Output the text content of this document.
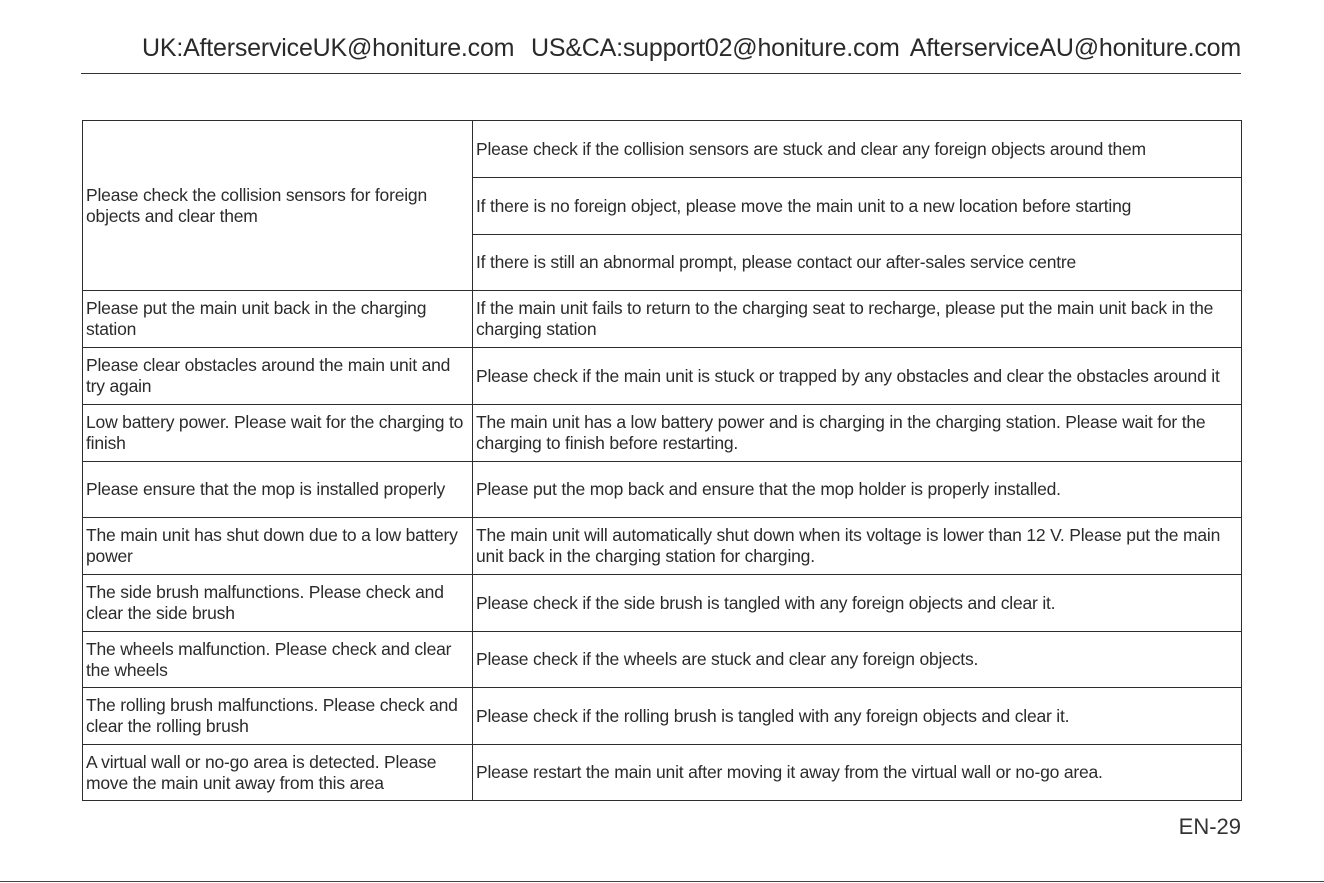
UK:AfterserviceUK@honiture.com US&CA:support02@honiture.com AfterserviceAU@honiture.com
Please check the collision sensors for foreign objects and clear them	Please check if the collision sensors are stuck and clear any foreign objects around them
	If there is no foreign object, please move the main unit to a new location before starting
	If there is still an abnormal prompt, please contact our after-sales service centre
Please put the main unit back in the charging station	If the main unit fails to return to the charging seat to recharge, please put the main unit back in the charging station
Please clear obstacles around the main unit and try again	Please check if the main unit is stuck or trapped by any obstacles and clear the obstacles around it
Low battery power. Please wait for the charging to finish	The main unit has a low battery power and is charging in the charging station. Please wait for the charging to finish before restarting.
Please ensure that the mop is installed properly	Please put the mop back and ensure that the mop holder is properly installed.
The main unit has shut down due to a low battery power	The main unit will automatically shut down when its voltage is lower than 12 V. Please put the main unit back in the charging station for charging.
The side brush malfunctions. Please check and clear the side brush	Please check if the side brush is tangled with any foreign objects and clear it.
The wheels malfunction. Please check and clear the wheels	Please check if the wheels are stuck and clear any foreign objects.
The rolling brush malfunctions. Please check and clear the rolling brush	Please check if the rolling brush is tangled with any foreign objects and clear it.
A virtual wall or no-go area is detected. Please move the main unit away from this area	Please restart the main unit after moving it away from the virtual wall or no-go area.
EN-29
